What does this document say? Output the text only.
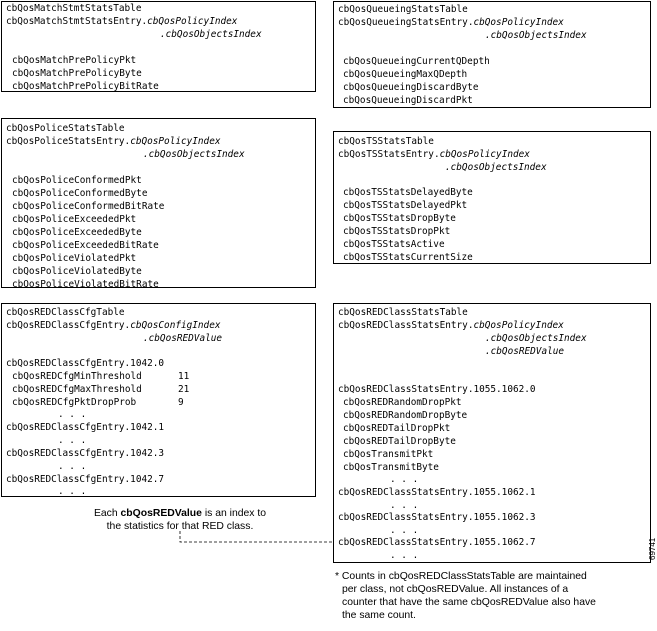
cbQosMatchStmtStatsTable
cbQosMatchStmtStatsEntry.cbQosPolicyIndex
.cbQosObjectsIndex
cbQosMatchPrePolicyPkt
cbQosMatchPrePolicyByte
cbQosMatchPrePolicyBitRate
cbQosQueueingStatsTable
cbQosQueueingStatsEntry.cbQosPolicyIndex
.cbQosObjectsIndex
cbQosQueueingCurrentQDepth
cbQosQueueingMaxQDepth
cbQosQueueingDiscardByte
cbQosQueueingDiscardPkt
cbQosPoliceStatsTable
cbQosPoliceStatsEntry.cbQosPolicyIndex
.cbQosObjectsIndex
cbQosPoliceConformedPkt
cbQosPoliceConformedByte
cbQosPoliceConformedBitRate
cbQosPoliceExceededPkt
cbQosPoliceExceededByte
cbQosPoliceExceededBitRate
cbQosPoliceViolatedPkt
cbQosPoliceViolatedByte
cbQosPoliceViolatedBitRate
cbQosTSStatsTable
cbQosTSStatsEntry.cbQosPolicyIndex
.cbQosObjectsIndex
cbQosTSStatsDelayedByte
cbQosTSStatsDelayedPkt
cbQosTSStatsDropByte
cbQosTSStatsDropPkt
cbQosTSStatsActive
cbQosTSStatsCurrentSize
cbQosREDClassCfgTable
cbQosREDClassCfgEntry.cbQosConfigIndex
.cbQosREDValue
cbQosREDClassCfgEntry.1042.0
cbQosREDCfgMinThreshold	11
cbQosREDCfgMaxThreshold	21
cbQosREDCfgPktDropProb	9
. . .
cbQosREDClassCfgEntry.1042.1
. . .
cbQosREDClassCfgEntry.1042.3
. . .
cbQosREDClassCfgEntry.1042.7
. . .
cbQosREDClassStatsTable
cbQosREDClassStatsEntry.cbQosPolicyIndex
.cbQosObjectsIndex
.cbQosREDValue
cbQosREDClassStatsEntry.1055.1062.0
cbQosREDRandomDropPkt
cbQosREDRandomDropByte
cbQosREDTailDropPkt
cbQosREDTailDropByte
cbQosTransmitPkt
cbQosTransmitByte
. . .
cbQosREDClassStatsEntry.1055.1062.1
. . .
cbQosREDClassStatsEntry.1055.1062.3
. . .
cbQosREDClassStatsEntry.1055.1062.7
. . .
Each cbQosREDValue is an index to
the statistics for that RED class.
* Counts in cbQosREDClassStatsTable are maintained
per class, not cbQosREDValue. All instances of a
counter that have the same cbQosREDValue also have
the same count.
69741
